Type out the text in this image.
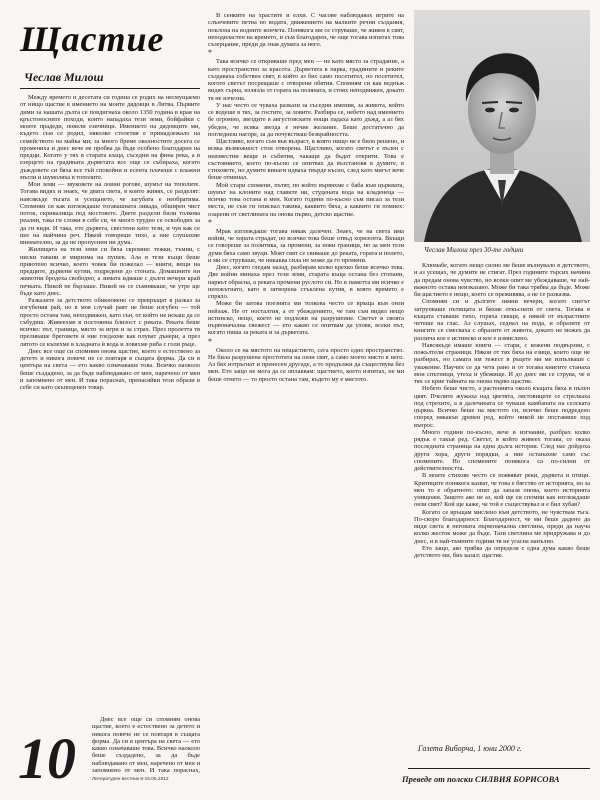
Щастие
Чеслав Милош

Между времето и десетата си година се родих на несмущаемо от нищо щастие в имението на моите дядовци в Литва. Първите дими за нашата дълга се повдигнаха около 1350 година в края на кръстоносните походи, които нападаха тези земи, бойфайки с моите прадеди, повели езичници. Имението на дядовците ми, където съм се родил, няколко столетия е принадлежало на семейството на майка ми; за много бреме околностите досега се промениха и днес вече не пробва да бъде особено благодарен на предци. Когато у тях в старата къща, съседни на фина река, а в езерцето на градината дърветата все още се събираха, когато дъждовете си бяха все тъй спокойни и есента плачеше с влажни мъгли и шумоляха в тополите.

Мои земи — звуковете на ловни рогове, шумът на тополите. Тогава видях и знаех, че двата света, в които живях, се разделят: навсякъде тъгата и усещането, че загубата е необратима. Спомням си как изглеждаше тогавашната ливада, обширен чист поток, скривалища под мостовете. Двете раздели били толкова реални, така ги сложи в себе си, че много трудно се освободих за да ги видя. И така, ето дървета, свестени като тези, и чуя как се пее на майчина реч. Някой говореше тихо, а ние слушахме внимателно, за да не пропуснем ни дума.

Жилищата на тези земи си бяха скромни: тежки, тъмни, с ниски тавани и миризма на пушек. Ала в тези къщи беше приютено всичко, което човек би пожелал — книги, вещи на предците, дървени кутии, подредени до стената. Домашните ни животни бродеха свободно, а зимата идваше с дълги вечери край печката. Никой не бързаше. Никой не се съмняваше, че утре ще бъде като днес.

Разказите за детството обикновено се превръщат в разказ за изгубения рай, но в моя случай раят не беше изгубен — той просто остана там, неподвижен, като сън, от който не искаш да се събудиш. Живеехме в постоянна близост с реката. Реката беше всичко: път, граница, място за игри и за страх. През пролетта тя преливаше бреговете и ние гледахме как плуват дънери, а през лятото се къпехме в хладната ѝ вода и ловяхме риба с голи ръце.

Днес все още си спомням онова щастие, което е естествено за детето и никога повече не се повтаря в същата форма. Да си в центъра на света — ето какво означаваше това. Всичко наоколо беше създадено, за да бъде наблюдавано от мен, наречено от мен и запомнено от мен. И така пораснах, пренасяйки тези образи в себе си като скъпоценен товар.

Днес все още си спомням онова щастие, което е естествено за детето и никога повече не се повтаря в същата форма. Да си в центъра на света — ето какво означаваше това. Всичко наоколо беше създадено, за да бъде наблюдавано от мен, наречено от мен и запомнено от мен. И така пораснах,

В сенките на храстите и елхи. С часове наблюдавах игрите на слънчевите петна по водата, движението на малките речни създания, поклона на водните кончета. Понякога ми се струваше, че живея в свят, неподвластен на времето, и съм благодарен, че още тогава изпитах това съзерцание, преди да зная думата за него.

*

Така всичко се откриваше пред мен — не като място за страдание, а като пространство за красота. Дърветата в парка, градините и реките създаваха собствен свят, в който аз бях само посетител, но посетител, когото светът посрещаше с отворени обятия. Спомням си как веднъж видях сърна, излязла от гората на поляната, и стоях неподвижен, докато тя не изчезна.

У нас често се чуваха разкази за съседни имения, за живота, който се водеше в тях, за гостите, за ловите. Разбира се, небето над имението бе огромно, звездите в августовските нощи падаха като дъжд, а аз бях убеден, че всяка звезда е нечие желание. Беше достатъчно да погледнеш нагоре, за да почувстваш безкрайността.

Щастливо, когато съм във възраст, в която нищо не е било решено, и всяка възможност стои отворена. Щастливо, когато светът е пълен с неизвестни вещи и събития, чакащи да бъдат открити. Това е състоянието, което по-късно се опитвах да възстановя в думите, в стиховете, но думите винаги идваха твърде късно, след като мигът вече беше отминал.

Мой стари спомени, пътят, по който вървяхме с баба към църквата, шумът на клоните над главите ни, студената вода на кладенеца — всичко това остана в мен. Когато години по-късно съм писал за тези места, не съм ги описвал такива, каквито бяха, а каквито ги помнех: озарени от светлината на онова първо, детско щастие.

*

Мрак изглеждаше тогава някак далечен. Знаех, че на света има войни, че хората страдат, но всичко това беше отвъд хоризонта. Вкъщи се говореше за политика, за промени, за нови граници, но за мен тези думи бяха само звуци. Моят свят се свиваше до реката, гората и полето, и ми се струваше, че никаква сила не може да го промени.

Днес, когато гледам назад, разбирам колко крехко беше всичко това. Две войни минаха през тези земи, старата къща остана без стопани, паркът обрасна, а реката промени руслото си. Но в паметта ми всичко е непокътнато, като в затворена стъклена кутия, в която времето е спряло.

Може би затова поезията ми толкова често се връща към онзи пейзаж. Не от носталгия, а от убеждението, че там съм видял нещо истинско, нещо, което не подлежи на разрушение. Светът в своята първоначална свежест — ето какво се опитвам да уловя, всеки път, когато пиша за реката и за дърветата.

*

Около се на мястото на нещастието, сега просто едно пространство. Не била разрушена простотата на онзи свят, а само моето място в него. Аз бях изтръгнат и пренесен другаде, а то продължи да съществува без мен. Ето защо не мога да се оплаквам: щастието, което изпитах, не ми беше отнето — то просто остана там, където му е мястото.

Чеслав Милош през 30-те години

Клюмабе, когато нещо силно ме беше вълнувало в детството, и аз усещах, че думите не стигат. През годините търсих начини да предам онова чувство, но всеки опит ме убеждаваше, че най-важното остава неизказано. Може би така трябва да бъде. Може би щастието е нещо, което се преживява, а не се разказва.

Спомням си и дългите зимни вечери, когато снегът затрупваше пътищата и бяхме откъснати от света. Тогава в къщата ставаше тихо, горяха свещи, а някой от възрастните четеше на глас. Аз слушах, седнал на пода, и образите от книгите се смесваха с образите от живота, докато не можех да различа кое е истинско и кое е измислено.

Навсякъде имаше книги — стари, с кожени подвързии, с пожълтели страници. Някои от тях бяха на езици, които още не разбирах, но самата им тежест в ръцете ми ме изпълваше с уважение. Научих се да чета рано и от тогава книгите станаха мои спътници, утеха и убежище. И до днес ми се струва, че в тях се крие тайната на онова първо щастие.

Небето беше чисто, а растенията около къщата бяха в пълен цвят. Пчелите жужаха над цветята, лястовиците се стрелкаха под стрехите, а в далечината се чуваше камбаната на селската църква. Всичко беше на мястото си, всичко беше подредено според някакъв древен ред, който никой не поставяше под въпрос.

Много години по-късно, вече в изгнание, разбрах колко рядък е такъв ред. Светът, в който живеех тогава, се оказа последната страница на една дълга история. След нас дойдоха други хора, други порядки, а ние останахме само със спомените. Но спомените понякога са по-силни от действителността.

В моите стихове често се появяват реки, дървета и птици. Критиците понякога казват, че това е бягство от историята, но за мен то е обратното: опит да запазя онова, което историята унищожи. Защото ако не аз, кой ще си спомни как изглеждаше онзи свят? Кой ще каже, че той е съществувал и е бил хубав?

Когато се връщам мислено към детството, не чувствам тъга. По-скоро благодарност. Благодарност, че ми беше дадено да видя света в неговата първоначална светлина, преди да науча колко жесток може да бъде. Тази светлина ме придружава и до днес, и в най-тъмните години тя не угасна напълно.

Ето защо, ако трябва да определя с една дума какво беше детството ми, бих казал: щастие.

Газета Виборча, 1 юни 2000 г.
Преведе от полски СИЛВИЯ БОРИСОВА
10	Литературен вестник 9-15.05.2012
